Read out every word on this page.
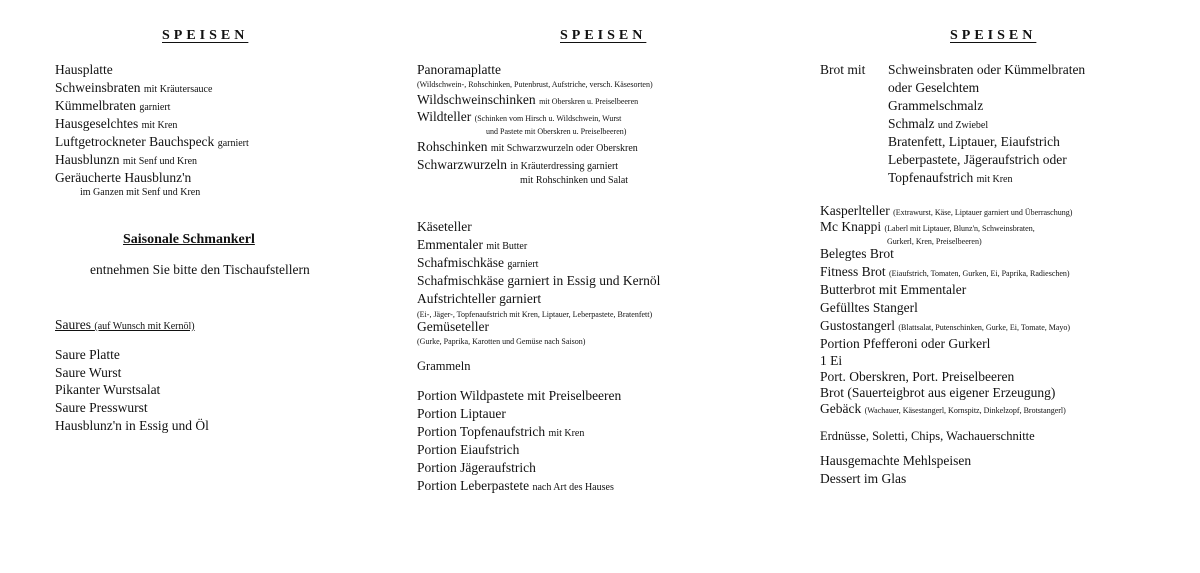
SPEISEN
Hausplatte
Schweinsbraten mit Kräutersauce
Kümmelbraten garniert
Hausgeselchtes mit Kren
Luftgetrockneter Bauchspeck garniert
Hausblunzn mit Senf und Kren
Geräucherte Hausblunz'n
im Ganzen mit Senf und Kren
Saisonale Schmankerl
entnehmen Sie bitte den Tischaufstellern
Saures (auf Wunsch mit Kernöl)
Saure Platte
Saure Wurst
Pikanter Wurstsalat
Saure Presswurst
Hausblunz'n in Essig und Öl
SPEISEN
Panoramaplatte
(Wildschwein-, Rohschinken, Putenbrust, Aufstriche, versch. Käsesorten)
Wildschweinschinken mit Oberskren u. Preiselbeeren
Wildteller (Schinken vom Hirsch u. Wildschwein, Wurst
und Pastete mit Oberskren u. Preiselbeeren)
Rohschinken mit Schwarzwurzeln oder Oberskren
Schwarzwurzeln in Kräuterdressing garniert
mit Rohschinken und Salat
Käseteller
Emmentaler mit Butter
Schafmischkäse garniert
Schafmischkäse garniert in Essig und Kernöl
Aufstrichteller garniert
(Ei-, Jäger-, Topfenaufstrich mit Kren, Liptauer, Leberpastete, Bratenfett)
Gemüseteller
(Gurke, Paprika, Karotten und Gemüse nach Saison)
Grammeln
Portion Wildpastete mit Preiselbeeren
Portion Liptauer
Portion Topfenaufstrich mit Kren
Portion Eiaufstrich
Portion Jägeraufstrich
Portion Leberpastete nach Art des Hauses
SPEISEN
Brot mit Schweinsbraten oder Kümmelbraten
oder Geselchtem
Grammelschmalz
Schmalz und Zwiebel
Bratenfett, Liptauer, Eiaufstrich
Leberpastete, Jägeraufstrich oder
Topfenaufstrich mit Kren
Kasperlteller (Extrawurst, Käse, Liptauer garniert und Überraschung)
Mc Knappi (Laberl mit Liptauer, Blunz'n, Schweinsbraten,
Gurkerl, Kren, Preiselbeeren)
Belegtes Brot
Fitness Brot (Eiaufstrich, Tomaten, Gurken, Ei, Paprika, Radieschen)
Butterbrot mit Emmentaler
Gefülltes Stangerl
Gustostangerl (Blattsalat, Putenschinken, Gurke, Ei, Tomate, Mayo)
Portion Pfefferoni oder Gurkerl
1 Ei
Port. Oberskren, Port. Preiselbeeren
Brot (Sauerteigbrot aus eigener Erzeugung)
Gebäck (Wachauer, Käsestangerl, Kornspitz, Dinkelzopf, Brotstangerl)
Erdnüsse, Soletti, Chips, Wachauerschnitte
Hausgemachte Mehlspeisen
Dessert im Glas
